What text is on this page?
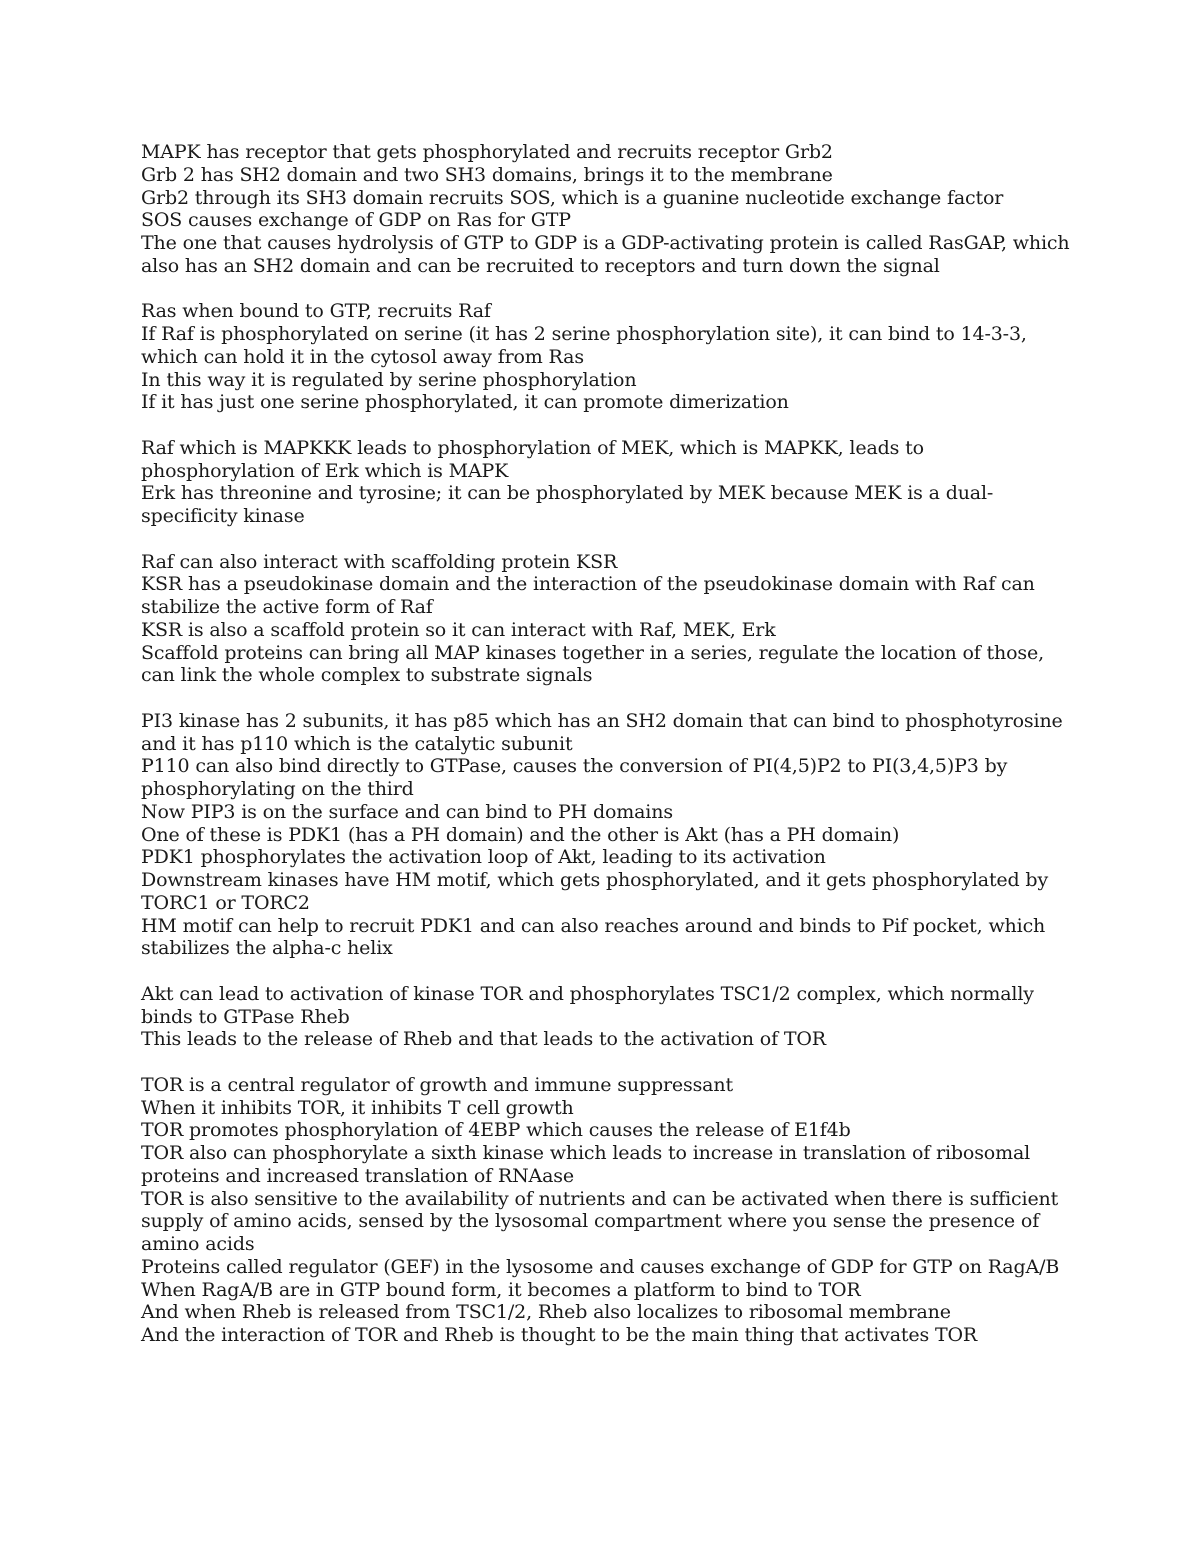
MAPK has receptor that gets phosphorylated and recruits receptor Grb2
Grb 2 has SH2 domain and two SH3 domains, brings it to the membrane
Grb2 through its SH3 domain recruits SOS, which is a guanine nucleotide exchange factor
SOS causes exchange of GDP on Ras for GTP
The one that causes hydrolysis of GTP to GDP is a GDP-activating protein is called RasGAP, which also has an SH2 domain and can be recruited to receptors and turn down the signal
Ras when bound to GTP, recruits Raf
If Raf is phosphorylated on serine (it has 2 serine phosphorylation site), it can bind to 14-3-3, which can hold it in the cytosol away from Ras
In this way it is regulated by serine phosphorylation
If it has just one serine phosphorylated, it can promote dimerization
Raf which is MAPKKK leads to phosphorylation of MEK, which is MAPKK, leads to phosphorylation of Erk which is MAPK
Erk has threonine and tyrosine; it can be phosphorylated by MEK because MEK is a dual-specificity kinase
Raf can also interact with scaffolding protein KSR
KSR has a pseudokinase domain and the interaction of the pseudokinase domain with Raf can stabilize the active form of Raf
KSR is also a scaffold protein so it can interact with Raf, MEK, Erk
Scaffold proteins can bring all MAP kinases together in a series, regulate the location of those, can link the whole complex to substrate signals
PI3 kinase has 2 subunits, it has p85 which has an SH2 domain that can bind to phosphotyrosine and it has p110 which is the catalytic subunit
P110 can also bind directly to GTPase, causes the conversion of PI(4,5)P2 to PI(3,4,5)P3 by phosphorylating on the third
Now PIP3 is on the surface and can bind to PH domains
One of these is PDK1 (has a PH domain) and the other is Akt (has a PH domain)
PDK1 phosphorylates the activation loop of Akt, leading to its activation
Downstream kinases have HM motif, which gets phosphorylated, and it gets phosphorylated by TORC1 or TORC2
HM motif can help to recruit PDK1 and can also reaches around and binds to Pif pocket, which stabilizes the alpha-c helix
Akt can lead to activation of kinase TOR and phosphorylates TSC1/2 complex, which normally binds to GTPase Rheb
This leads to the release of Rheb and that leads to the activation of TOR
TOR is a central regulator of growth and immune suppressant
When it inhibits TOR, it inhibits T cell growth
TOR promotes phosphorylation of 4EBP which causes the release of E1f4b
TOR also can phosphorylate a sixth kinase which leads to increase in translation of ribosomal proteins and increased translation of RNAase
TOR is also sensitive to the availability of nutrients and can be activated when there is sufficient supply of amino acids, sensed by the lysosomal compartment where you sense the presence of amino acids
Proteins called regulator (GEF) in the lysosome and causes exchange of GDP for GTP on RagA/B
When RagA/B are in GTP bound form, it becomes a platform to bind to TOR
And when Rheb is released from TSC1/2, Rheb also localizes to ribosomal membrane
And the interaction of TOR and Rheb is thought to be the main thing that activates TOR
